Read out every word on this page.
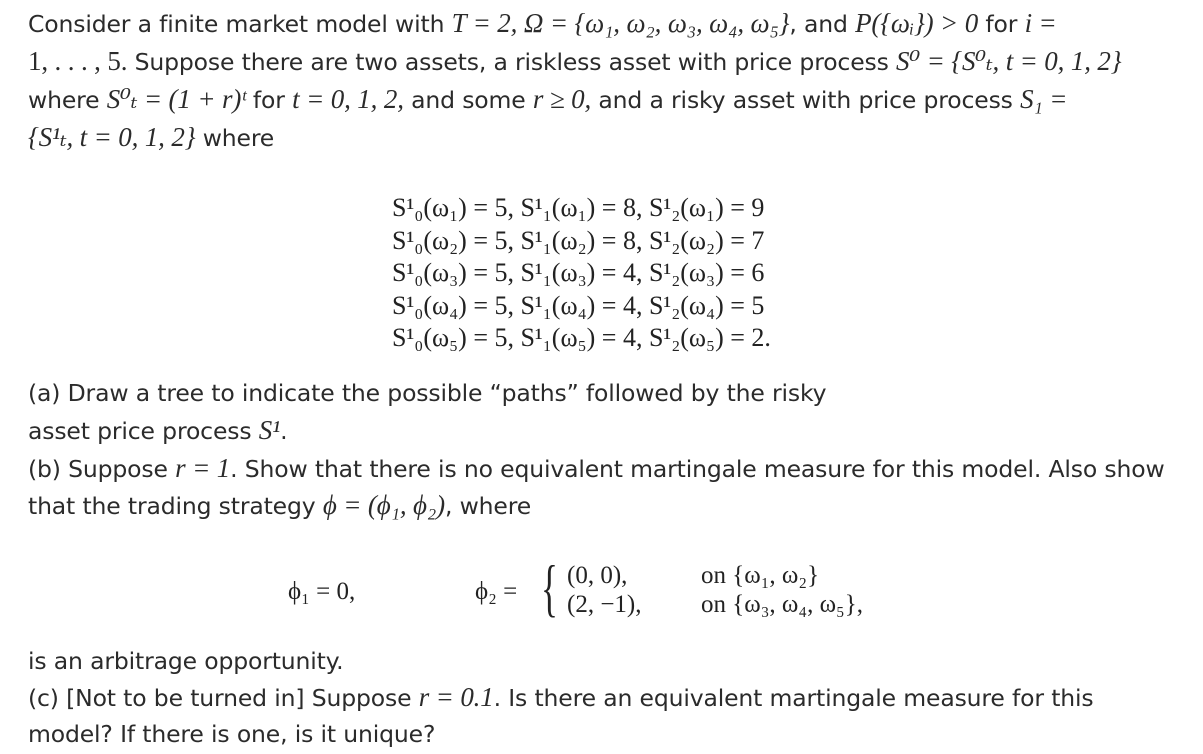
Consider a finite market model with T = 2, Ω = {ω₁, ω₂, ω₃, ω₄, ω₅}, and P({ωᵢ}) > 0 for i =

1, . . . , 5. Suppose there are two assets, a riskless asset with price process S⁰ = {S⁰ₜ, t = 0, 1, 2}

where S⁰ₜ = (1 + r)ᵗ for t = 0, 1, 2, and some r ≥ 0, and a risky asset with price process S₁ =

{S¹ₜ, t = 0, 1, 2} where

S¹₀(ω₁) = 5, S¹₁(ω₁) = 8, S¹₂(ω₁) = 9
S¹₀(ω₂) = 5, S¹₁(ω₂) = 8, S¹₂(ω₂) = 7
S¹₀(ω₃) = 5, S¹₁(ω₃) = 4, S¹₂(ω₃) = 6
S¹₀(ω₄) = 5, S¹₁(ω₄) = 4, S¹₂(ω₄) = 5
S¹₀(ω₅) = 5, S¹₁(ω₅) = 4, S¹₂(ω₅) = 2.

(a) Draw a tree to indicate the possible “paths” followed by the risky

asset price process S¹.

(b) Suppose r = 1. Show that there is no equivalent martingale measure for this model. Also show

that the trading strategy ϕ = (ϕ₁, ϕ₂), where

ϕ₁ = 0,	ϕ₂ = { (0, 0),	on {ω₁, ω₂}
(2, −1), on {ω₃, ω₄, ω₅},

is an arbitrage opportunity.

(c) [Not to be turned in] Suppose r = 0.1. Is there an equivalent martingale measure for this

model? If there is one, is it unique?
